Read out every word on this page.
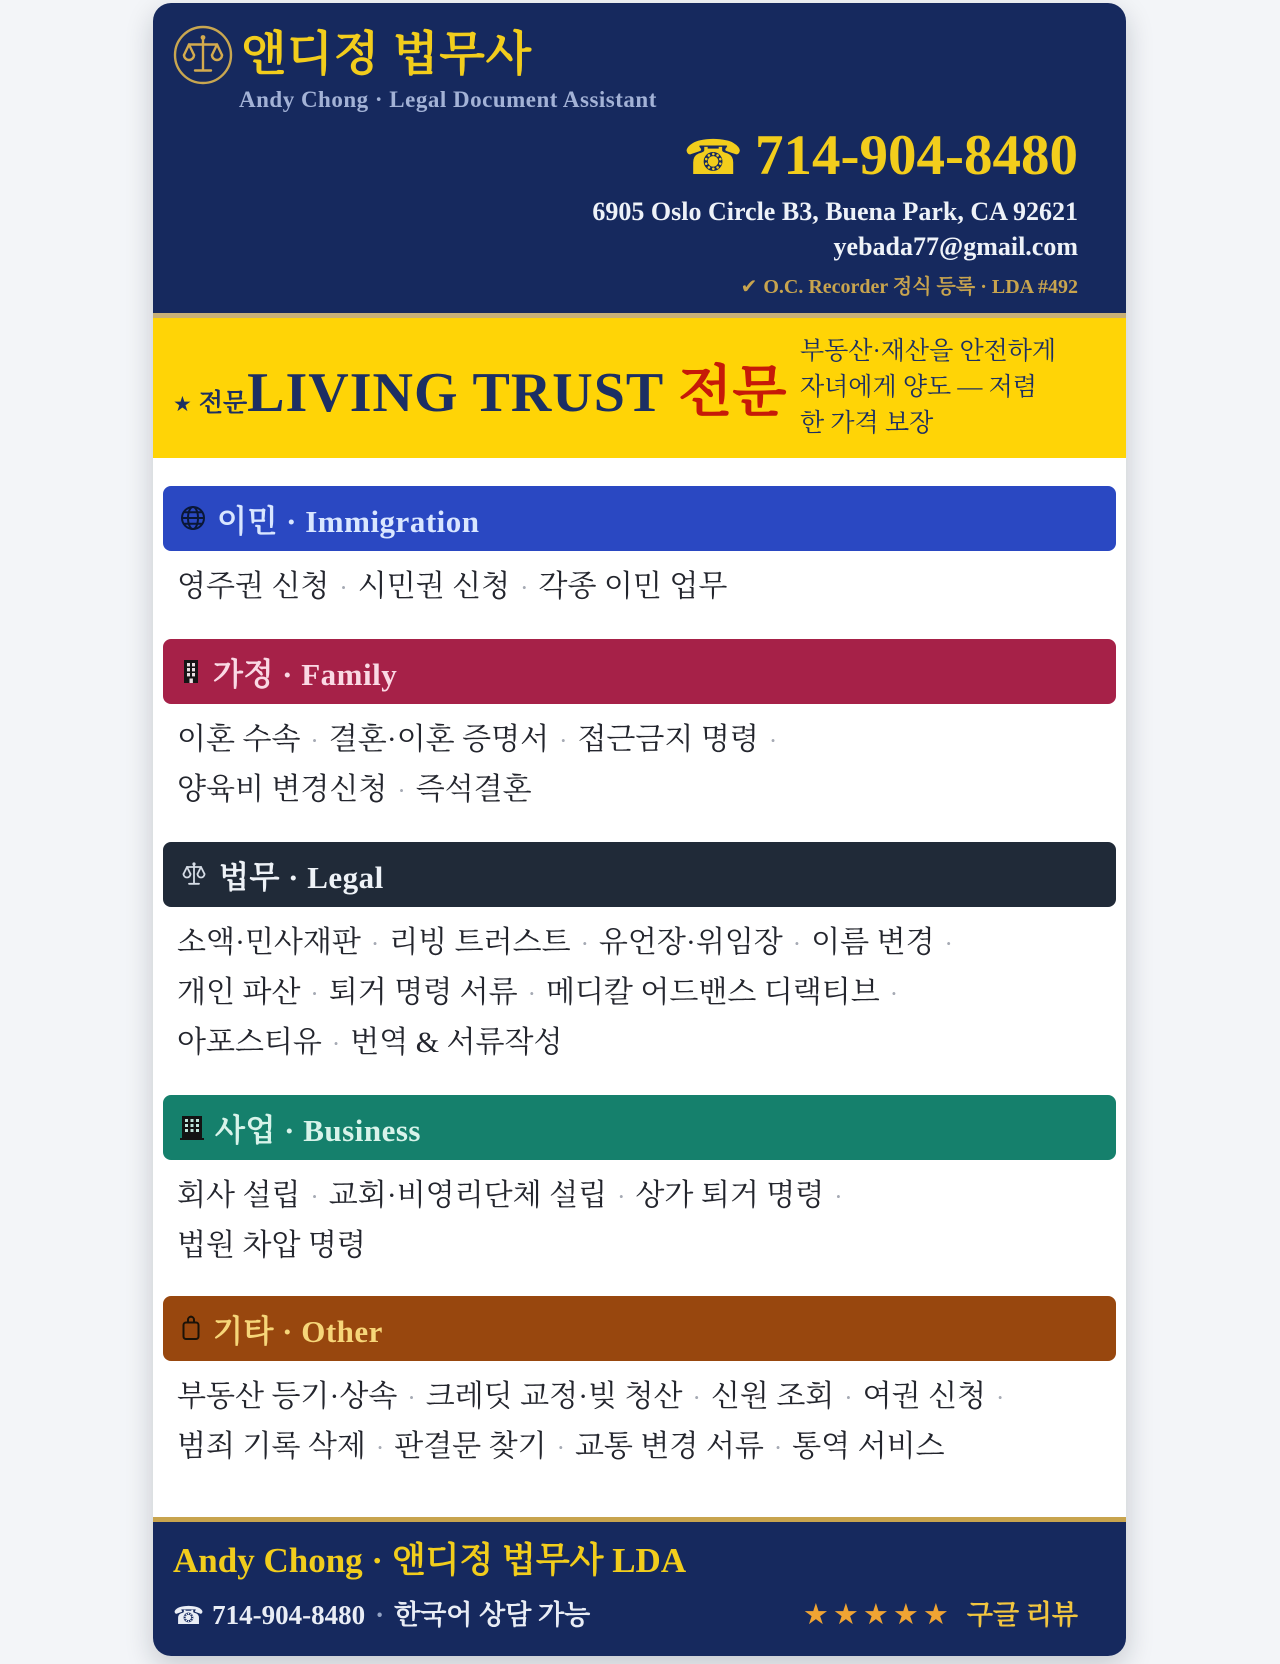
앤디정 법무사
Andy Chong · Legal Document Assistant
☎ 714-904-8480
6905 Oslo Circle B3, Buena Park, CA 92621
yebada77@gmail.com
✔ O.C. Recorder 정식 등록 · LDA #492
★ 전문 LIVING TRUST 전문
부동산·재산을 안전하게
자녀에게 양도 — 저렴
한 가격 보장
이민 · Immigration
영주권 신청 · 시민권 신청 · 각종 이민 업무
가정 · Family
이혼 수속 · 결혼·이혼 증명서 · 접근금지 명령 ·
양육비 변경신청 · 즉석결혼
법무 · Legal
소액·민사재판 · 리빙 트러스트 · 유언장·위임장 · 이름 변경 ·
개인 파산 · 퇴거 명령 서류 · 메디칼 어드밴스 디랙티브 ·
아포스티유 · 번역 & 서류작성
사업 · Business
회사 설립 · 교회·비영리단체 설립 · 상가 퇴거 명령 ·
법원 차압 명령
기타 · Other
부동산 등기·상속 · 크레딧 교정·빚 청산 · 신원 조회 · 여권 신청 ·
범죄 기록 삭제 · 판결문 찾기 · 교통 변경 서류 · 통역 서비스
Andy Chong · 앤디정 법무사 LDA
☎ 714-904-8480 · 한국어 상담 가능	★★★★★ 구글 리뷰
